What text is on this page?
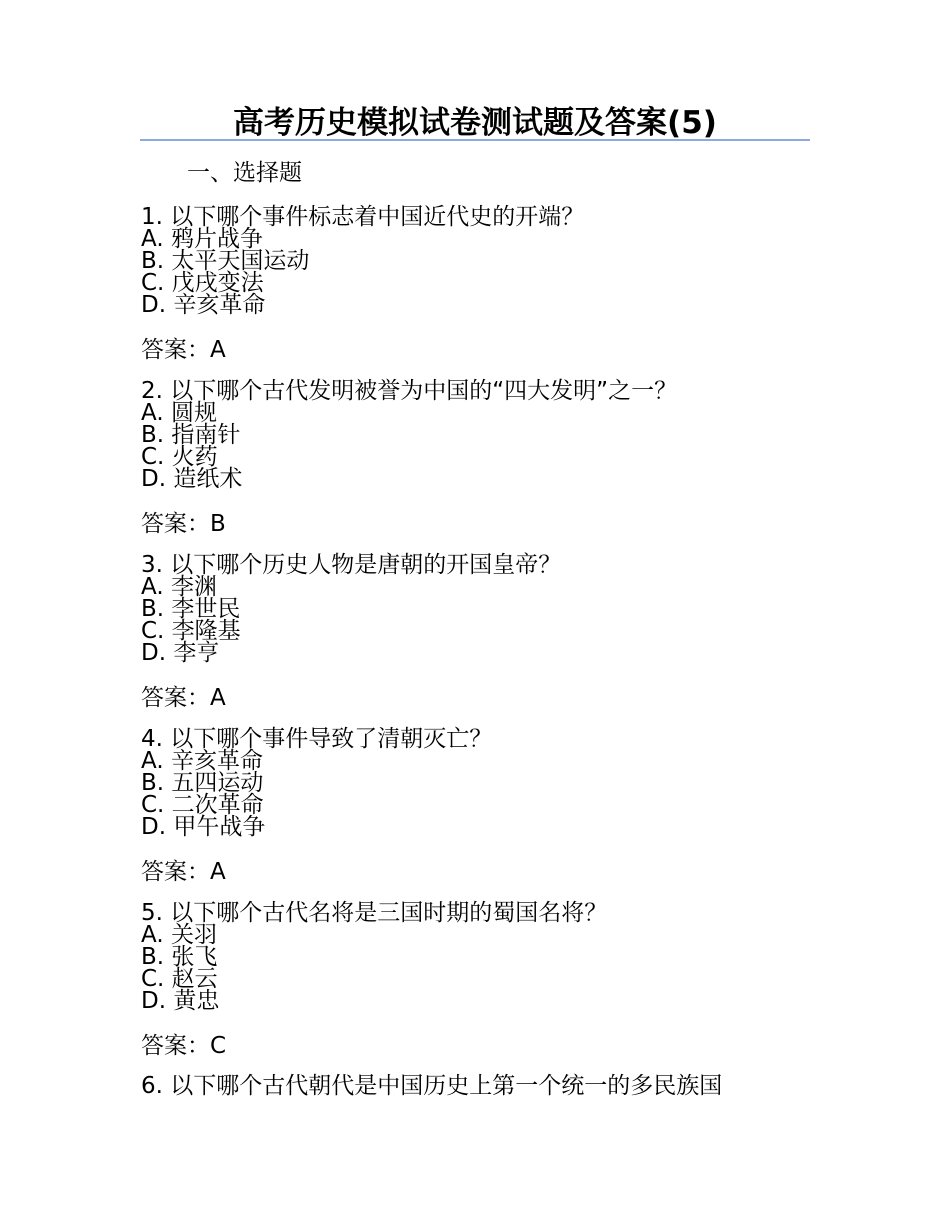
高考历史模拟试卷测试题及答案(5)
一、选择题
1. 以下哪个事件标志着中国近代史的开端？
A. 鸦片战争
B. 太平天国运动
C. 戊戌变法
D. 辛亥革命
答案：A
2. 以下哪个古代发明被誉为中国的“四大发明”之一？
A. 圆规
B. 指南针
C. 火药
D. 造纸术
答案：B
3. 以下哪个历史人物是唐朝的开国皇帝？
A. 李渊
B. 李世民
C. 李隆基
D. 李亨
答案：A
4. 以下哪个事件导致了清朝灭亡？
A. 辛亥革命
B. 五四运动
C. 二次革命
D. 甲午战争
答案：A
5. 以下哪个古代名将是三国时期的蜀国名将？
A. 关羽
B. 张飞
C. 赵云
D. 黄忠
答案：C
6. 以下哪个古代朝代是中国历史上第一个统一的多民族国
